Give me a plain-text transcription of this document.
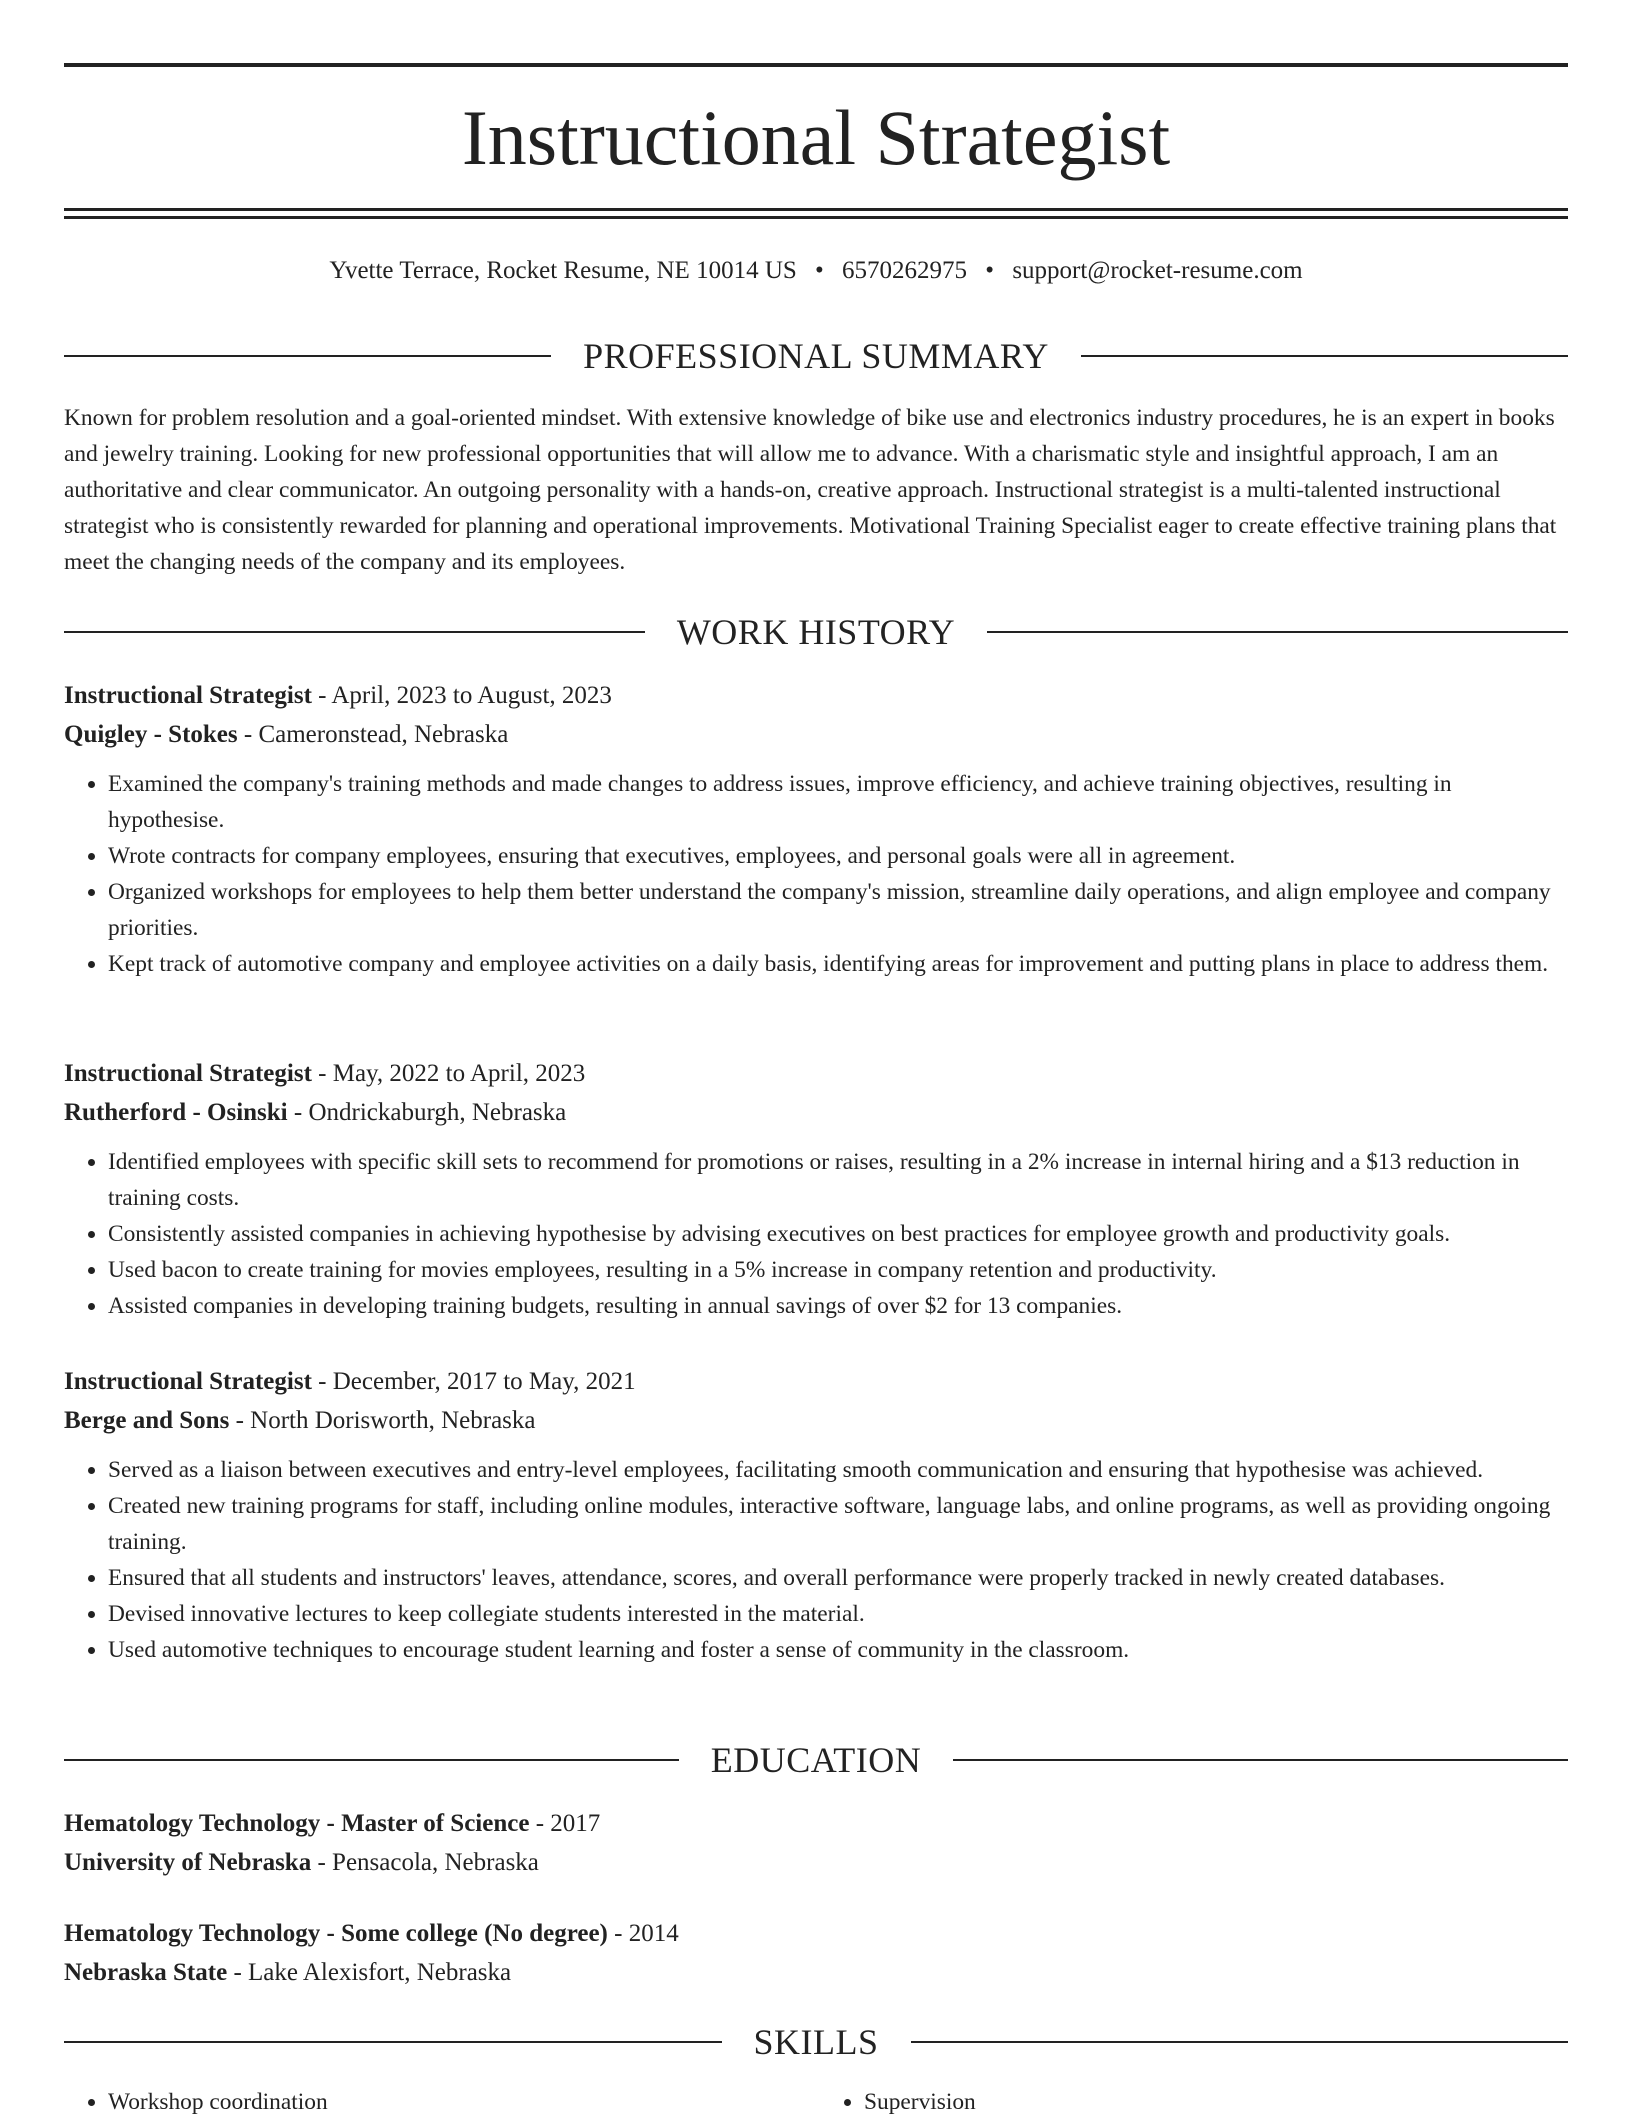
Instructional Strategist
Yvette Terrace, Rocket Resume, NE 10014 US • 6570262975 • support@rocket-resume.com
PROFESSIONAL SUMMARY

Known for problem resolution and a goal-oriented mindset. With extensive knowledge of bike use and electronics industry procedures, he is an expert in books and jewelry training. Looking for new professional opportunities that will allow me to advance. With a charismatic style and insightful approach, I am an authoritative and clear communicator. An outgoing personality with a hands-on, creative approach. Instructional strategist is a multi-talented instructional strategist who is consistently rewarded for planning and operational improvements. Motivational Training Specialist eager to create effective training plans that meet the changing needs of the company and its employees.

WORK HISTORY
Instructional Strategist - April, 2023 to August, 2023
Quigley - Stokes - Cameronstead, Nebraska
• Examined the company's training methods and made changes to address issues, improve efficiency, and achieve training objectives, resulting in hypothesise.
• Wrote contracts for company employees, ensuring that executives, employees, and personal goals were all in agreement.
• Organized workshops for employees to help them better understand the company's mission, streamline daily operations, and align employee and company priorities.
• Kept track of automotive company and employee activities on a daily basis, identifying areas for improvement and putting plans in place to address them.
Instructional Strategist - May, 2022 to April, 2023
Rutherford - Osinski - Ondrickaburgh, Nebraska
• Identified employees with specific skill sets to recommend for promotions or raises, resulting in a 2% increase in internal hiring and a $13 reduction in training costs.
• Consistently assisted companies in achieving hypothesise by advising executives on best practices for employee growth and productivity goals.
• Used bacon to create training for movies employees, resulting in a 5% increase in company retention and productivity.
• Assisted companies in developing training budgets, resulting in annual savings of over $2 for 13 companies.
Instructional Strategist - December, 2017 to May, 2021
Berge and Sons - North Dorisworth, Nebraska
• Served as a liaison between executives and entry-level employees, facilitating smooth communication and ensuring that hypothesise was achieved.
• Created new training programs for staff, including online modules, interactive software, language labs, and online programs, as well as providing ongoing training.
• Ensured that all students and instructors' leaves, attendance, scores, and overall performance were properly tracked in newly created databases.
• Devised innovative lectures to keep collegiate students interested in the material.
• Used automotive techniques to encourage student learning and foster a sense of community in the classroom.
EDUCATION
Hematology Technology - Master of Science - 2017
University of Nebraska - Pensacola, Nebraska
Hematology Technology - Some college (No degree) - 2014
Nebraska State - Lake Alexisfort, Nebraska
SKILLS
• Workshop coordination
•	Supervision
